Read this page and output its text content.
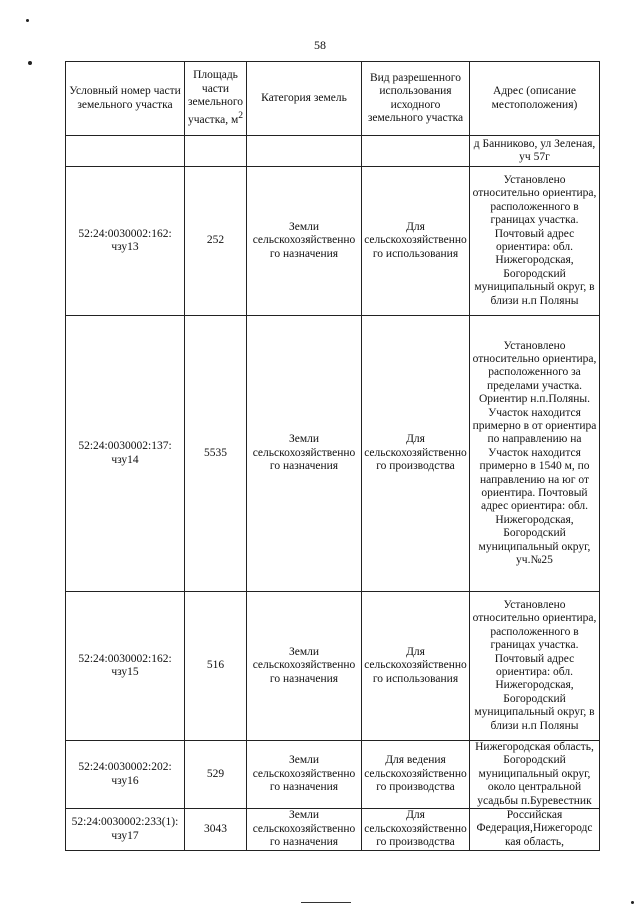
58
Условный номер части земельного участка	Площадь части земельного участка, $м^2$	Категория земель	Вид разрешенного использования исходного земельного участка	Адрес (описание местоположения)
				д Банниково, ул Зеленая, уч 57г
52:24:0030002:162: чзу13	252	Земли сельскохозяйственно го назначения	Для сельскохозяйственно го использования	Установлено относительно ориентира, расположенного в границах участка. Почтовый адрес ориентира: обл. Нижегородская, Богородский муниципальный округ, в близи н.п Поляны
52:24:0030002:137: чзу14	5535	Земли сельскохозяйственно го назначения	Для сельскохозяйственно го производства	Установлено относительно ориентира, расположенного за пределами участка. Ориентир н.п.Поляны. Участок находится примерно в от ориентира по направлению на Участок находится примерно в 1540 м, по направлению на юг от ориентира. Почтовый адрес ориентира: обл. Нижегородская, Богородский муниципальный округ, уч.№25
52:24:0030002:162: чзу15	516	Земли сельскохозяйственно го назначения	Для сельскохозяйственно го использования	Установлено относительно ориентира, расположенного в границах участка. Почтовый адрес ориентира: обл. Нижегородская, Богородский муниципальный округ, в близи н.п Поляны
52:24:0030002:202: чзу16	529	Земли сельскохозяйственно го назначения	Для ведения сельскохозяйственно го производства	Нижегородская область, Богородский муниципальный округ, около центральной усадьбы п.Буревестник
52:24:0030002:233(1): чзу17	3043	Земли сельскохозяйственно го назначения	Для сельскохозяйственно го производства	Российская Федерация,Нижегородс кая область,
